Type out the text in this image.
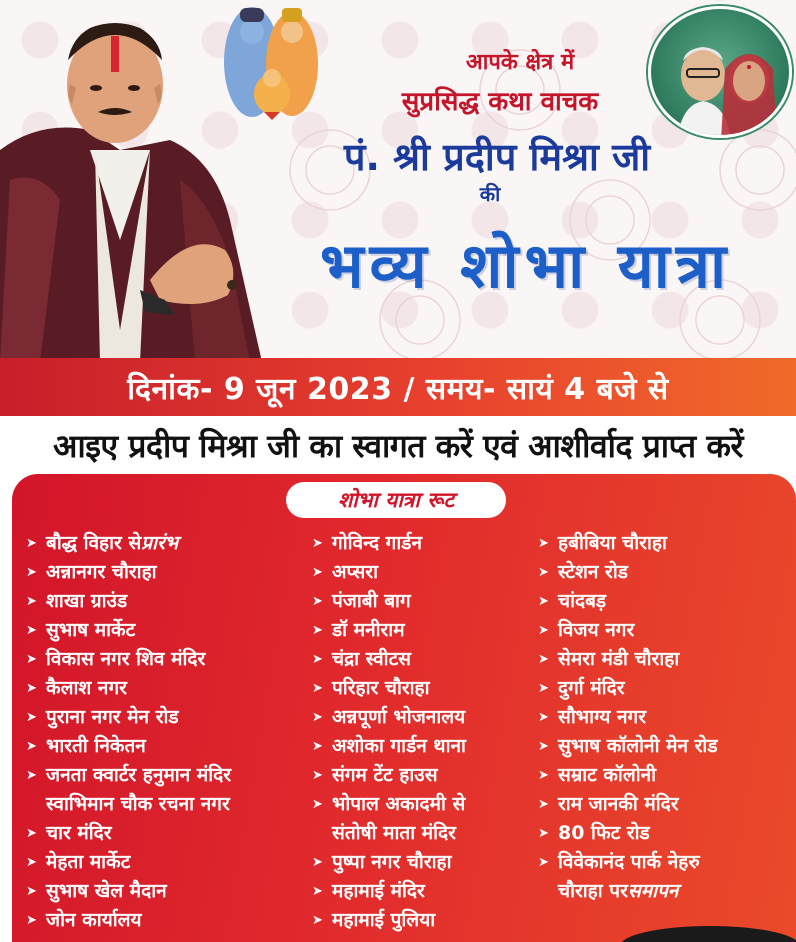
आपके क्षेत्र में
सुप्रसिद्ध कथा वाचक
पं. श्री प्रदीप मिश्रा जी
की
भव्य शोभा यात्रा
दिनांक- 9 जून 2023 / समय- सायं 4 बजे से
आइए प्रदीप मिश्रा जी का स्वागत करें एवं आशीर्वाद प्राप्त करें
शोभा यात्रा रूट
➤ बौद्ध विहार से प्रारंभ
➤ अन्नानगर चौराहा
➤ शाखा ग्राउंड
➤ सुभाष मार्केट
➤ विकास नगर शिव मंदिर
➤ कैलाश नगर
➤ पुराना नगर मेन रोड
➤ भारती निकेतन
➤ जनता क्वार्टर हनुमान मंदिर
स्वाभिमान चौक रचना नगर
➤ चार मंदिर
➤ मेहता मार्केट
➤ सुभाष खेल मैदान
➤ जोन कार्यालय
➤ गोविन्द गार्डन
➤ अप्सरा
➤ पंजाबी बाग
➤ डॉ मनीराम
➤ चंद्रा स्वीटस
➤ परिहार चौराहा
➤ अन्नपूर्णा भोजनालय
➤ अशोका गार्डन थाना
➤ संगम टेंट हाउस
➤ भोपाल अकादमी से
संतोषी माता मंदिर
➤ पुष्पा नगर चौराहा
➤ महामाई मंदिर
➤ महामाई पुलिया
➤ हबीबिया चौराहा
➤ स्टेशन रोड
➤ चांदबड़
➤ विजय नगर
➤ सेमरा मंडी चौराहा
➤ दुर्गा मंदिर
➤ सौभाग्य नगर
➤ सुभाष कॉलोनी मेन रोड
➤ सम्राट कॉलोनी
➤ राम जानकी मंदिर
➤ 80 फिट रोड
➤ विवेकानंद पार्क नेहरु
चौराहा पर समापन
